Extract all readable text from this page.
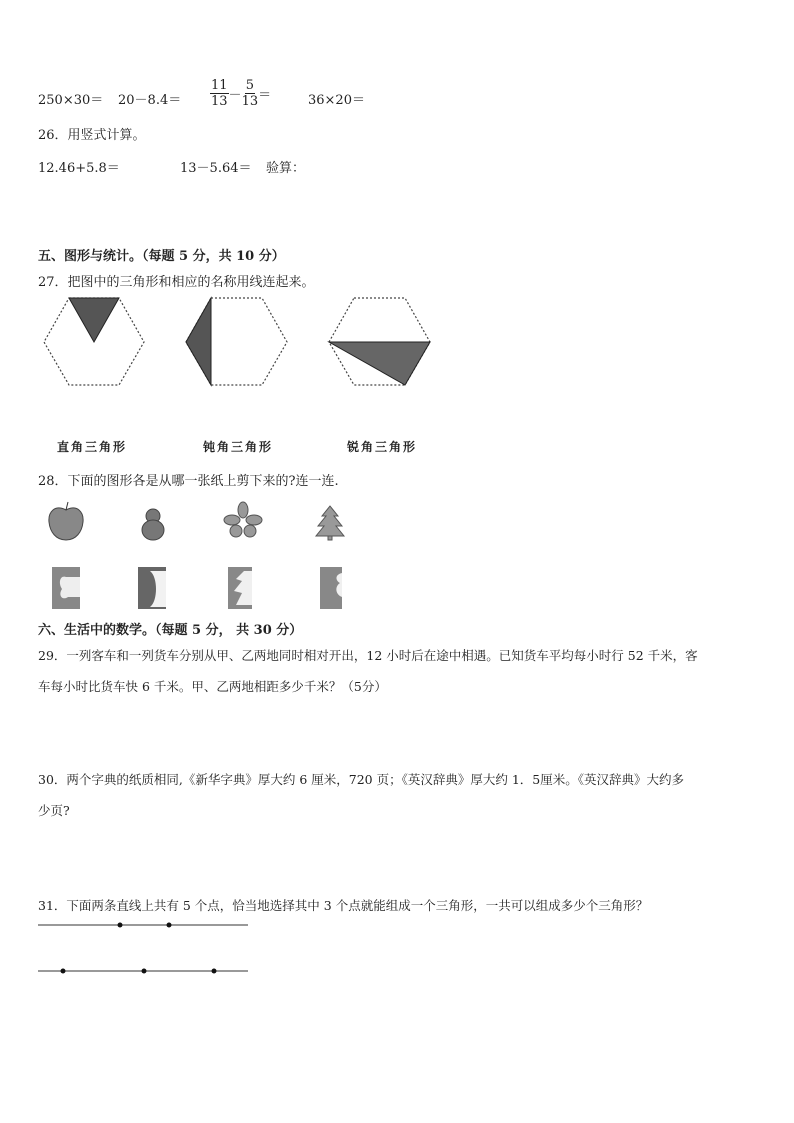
$250\times 30= 20-8.4= \frac{11}{13} - \frac{5}{13}$ ＝	36×20＝
26．用竖式计算。
12.46+5.8＝	13－5.64＝ 验算：
五、图形与统计。（每题 5 分，共 10 分）
27．把图中的三角形和相应的名称用线连起来。
直角三角形	钝角三角形	锐角三角形
28．下面的图形各是从哪一张纸上剪下来的?连一连.
六、生活中的数学。（每题 5 分， 共 30 分）
29．一列客车和一列货车分别从甲、乙两地同时相对开出，12 小时后在途中相遇。已知货车平均每小时行 52 千米，客
车每小时比货车快 6 千米。甲、乙两地相距多少千米？（5分）
30．两个字典的纸质相同,《新华字典》厚大约 6 厘米，720 页；《英汉辞典》厚大约 1．5厘米。《英汉辞典》大约多
少页?
31．下面两条直线上共有 5 个点，恰当地选择其中 3 个点就能组成一个三角形，一共可以组成多少个三角形？
